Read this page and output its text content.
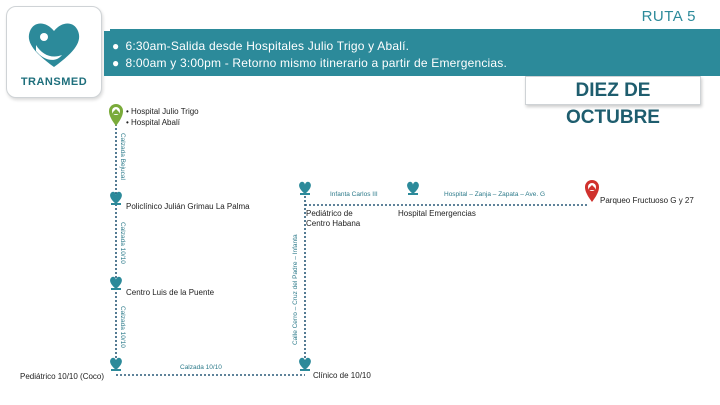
TRANSMED
RUTA 5
● 6:30am-Salida desde Hospitales Julio Trigo y Abalí.
● 8:00am y 3:00pm - Retorno mismo itinerario a partir de Emergencias.
DIEZ DE OCTUBRE
• Hospital Julio Trigo
• Hospital Abalí
Policlínico Julián Grimau La Palma
Centro Luis de la Puente
Pediátrico 10/10 (Coco)	Clínico de 10/10
Pediátrico de
Centro Habana
Hospital Emergencias
Parqueo Fructuoso G y 27
Calzada Bejucal
Calzada 10/10
Calzada 10/10
Calzada 10/10
Calle Cerro – Cruz del Padre – Infanta
Infanta Carlos III	Hospital – Zanja – Zapata – Ave. G
